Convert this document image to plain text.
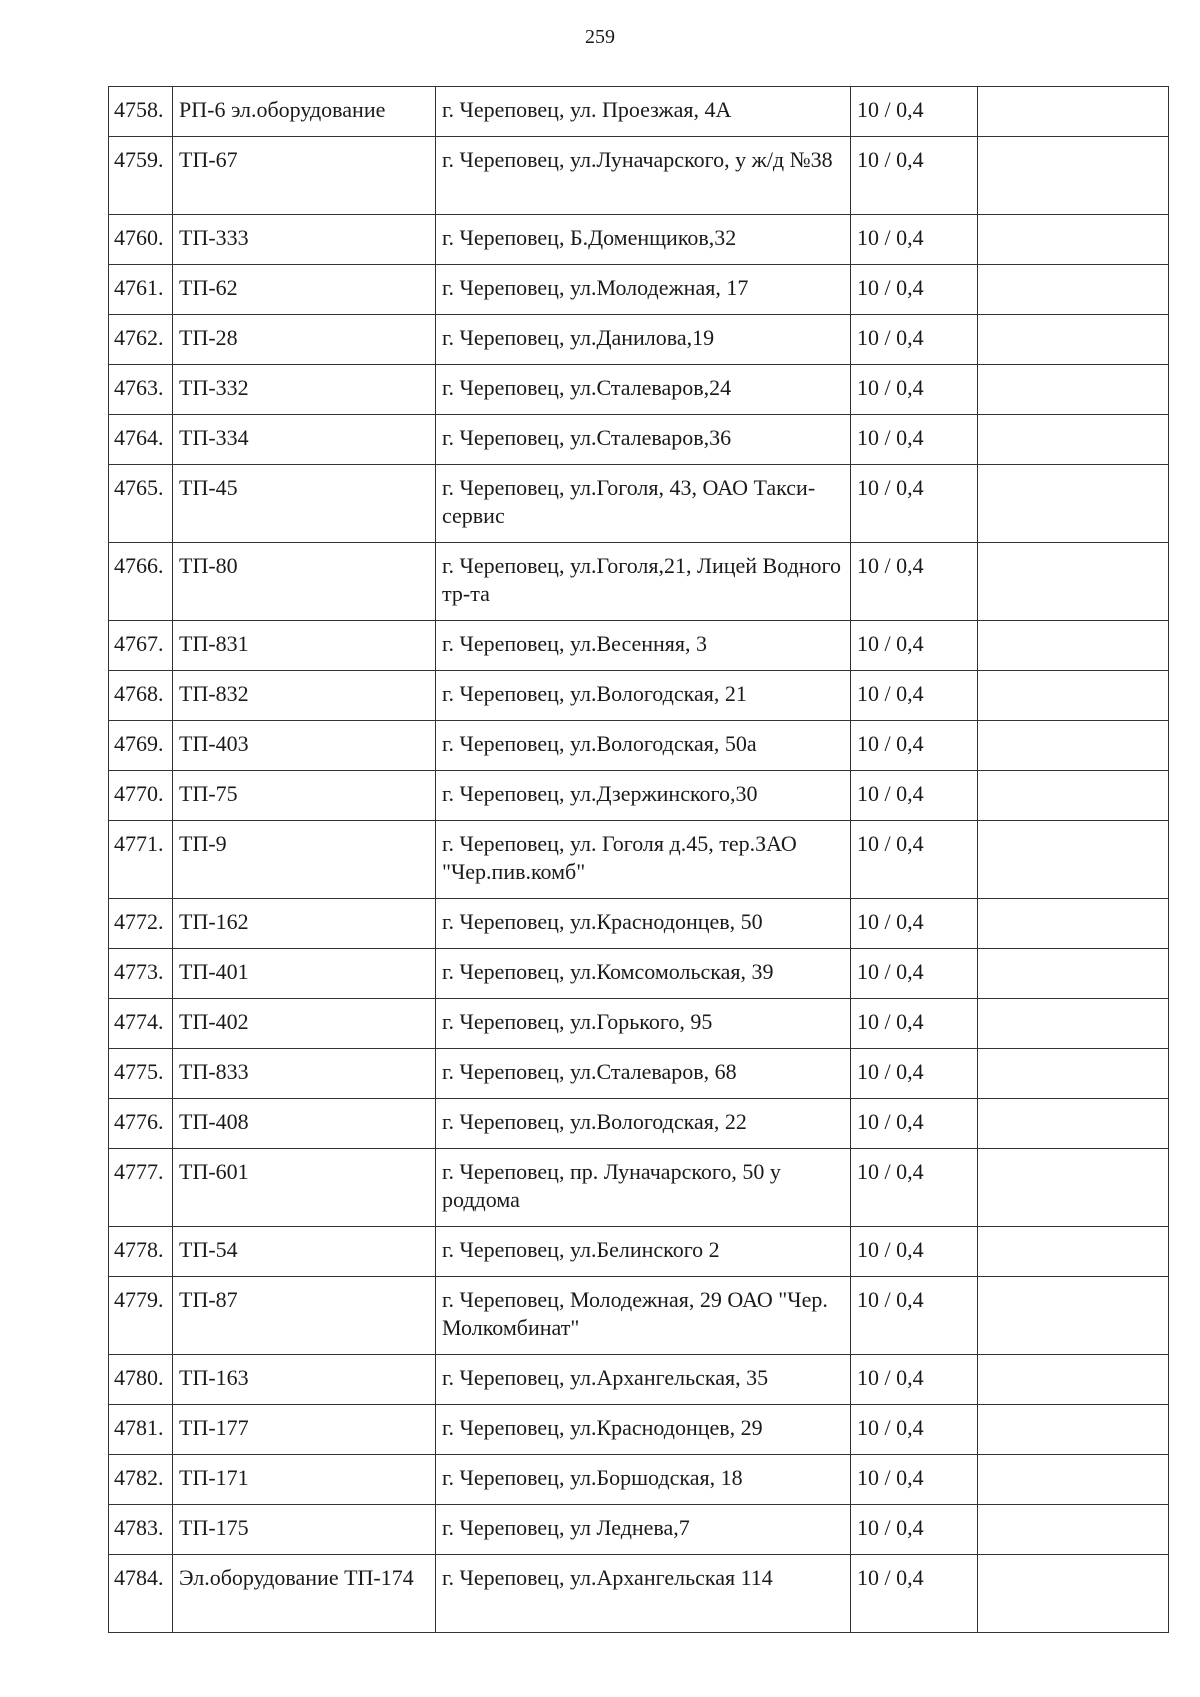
259
4758.	РП-6 эл.оборудование	г. Череповец, ул. Проезжая, 4А	10 / 0,4	
4759.	ТП-67	г. Череповец, ул.Луначарского, у ж/д №38	10 / 0,4	
4760.	ТП-333	г. Череповец, Б.Доменщиков,32	10 / 0,4	
4761.	ТП-62	г. Череповец, ул.Молодежная, 17	10 / 0,4	
4762.	ТП-28	г. Череповец, ул.Данилова,19	10 / 0,4	
4763.	ТП-332	г. Череповец, ул.Сталеваров,24	10 / 0,4	
4764.	ТП-334	г. Череповец, ул.Сталеваров,36	10 / 0,4	
4765.	ТП-45	г. Череповец, ул.Гоголя, 43, ОАО Такси-сервис	10 / 0,4	
4766.	ТП-80	г. Череповец, ул.Гоголя,21, Лицей Водного тр-та	10 / 0,4	
4767.	ТП-831	г. Череповец, ул.Весенняя, 3	10 / 0,4	
4768.	ТП-832	г. Череповец, ул.Вологодская, 21	10 / 0,4	
4769.	ТП-403	г. Череповец, ул.Вологодская, 50а	10 / 0,4	
4770.	ТП-75	г. Череповец, ул.Дзержинского,30	10 / 0,4	
4771.	ТП-9	г. Череповец, ул. Гоголя д.45, тер.ЗАО "Чер.пив.комб"	10 / 0,4	
4772.	ТП-162	г. Череповец, ул.Краснодонцев, 50	10 / 0,4	
4773.	ТП-401	г. Череповец, ул.Комсомольская, 39	10 / 0,4	
4774.	ТП-402	г. Череповец, ул.Горького, 95	10 / 0,4	
4775.	ТП-833	г. Череповец, ул.Сталеваров, 68	10 / 0,4	
4776.	ТП-408	г. Череповец, ул.Вологодская, 22	10 / 0,4	
4777.	ТП-601	г. Череповец, пр. Луначарского, 50 у роддома	10 / 0,4	
4778.	ТП-54	г. Череповец, ул.Белинского 2	10 / 0,4	
4779.	ТП-87	г. Череповец, Молодежная, 29 ОАО "Чер. Молкомбинат"	10 / 0,4	
4780.	ТП-163	г. Череповец, ул.Архангельская, 35	10 / 0,4	
4781.	ТП-177	г. Череповец, ул.Краснодонцев, 29	10 / 0,4	
4782.	ТП-171	г. Череповец, ул.Боршодская, 18	10 / 0,4	
4783.	ТП-175	г. Череповец, ул Леднева,7	10 / 0,4	
4784.	Эл.оборудование ТП-174	г. Череповец, ул.Архангельская 114	10 / 0,4	
